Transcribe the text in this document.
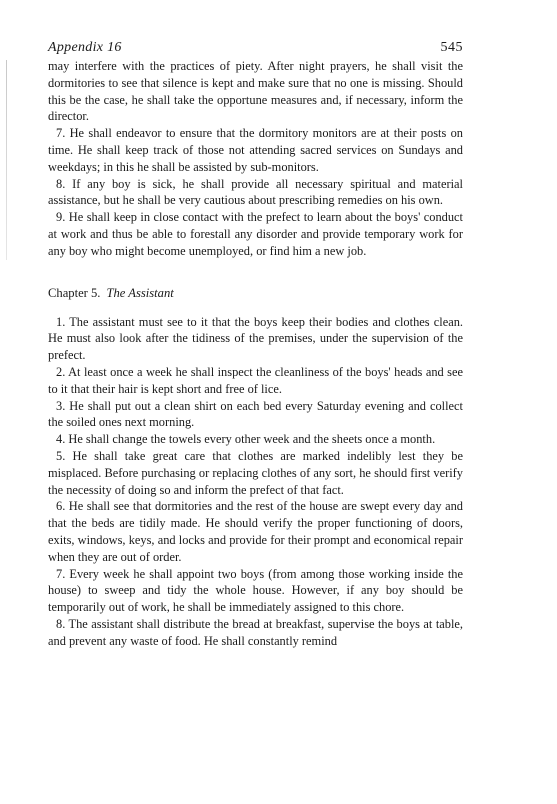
Appendix 16	545

may interfere with the practices of piety. After night prayers, he shall visit the dormitories to see that silence is kept and make sure that no one is missing. Should this be the case, he shall take the opportune measures and, if necessary, inform the director.

7. He shall endeavor to ensure that the dormitory monitors are at their posts on time. He shall keep track of those not attending sacred services on Sundays and weekdays; in this he shall be assisted by sub-monitors.

8. If any boy is sick, he shall provide all necessary spiritual and material assistance, but he shall be very cautious about prescribing remedies on his own.

9. He shall keep in close contact with the prefect to learn about the boys' conduct at work and thus be able to forestall any disorder and provide temporary work for any boy who might become unemployed, or find him a new job.

Chapter 5. The Assistant

1. The assistant must see to it that the boys keep their bodies and clothes clean. He must also look after the tidiness of the premises, under the supervision of the prefect.

2. At least once a week he shall inspect the cleanliness of the boys' heads and see to it that their hair is kept short and free of lice.

3. He shall put out a clean shirt on each bed every Saturday evening and collect the soiled ones next morning.

4. He shall change the towels every other week and the sheets once a month.

5. He shall take great care that clothes are marked indelibly lest they be misplaced. Before purchasing or replacing clothes of any sort, he should first verify the necessity of doing so and inform the prefect of that fact.

6. He shall see that dormitories and the rest of the house are swept every day and that the beds are tidily made. He should verify the proper functioning of doors, exits, windows, keys, and locks and provide for their prompt and economical repair when they are out of order.

7. Every week he shall appoint two boys (from among those working inside the house) to sweep and tidy the whole house. However, if any boy should be temporarily out of work, he shall be immediately assigned to this chore.

8. The assistant shall distribute the bread at breakfast, supervise the boys at table, and prevent any waste of food. He shall constantly remind
